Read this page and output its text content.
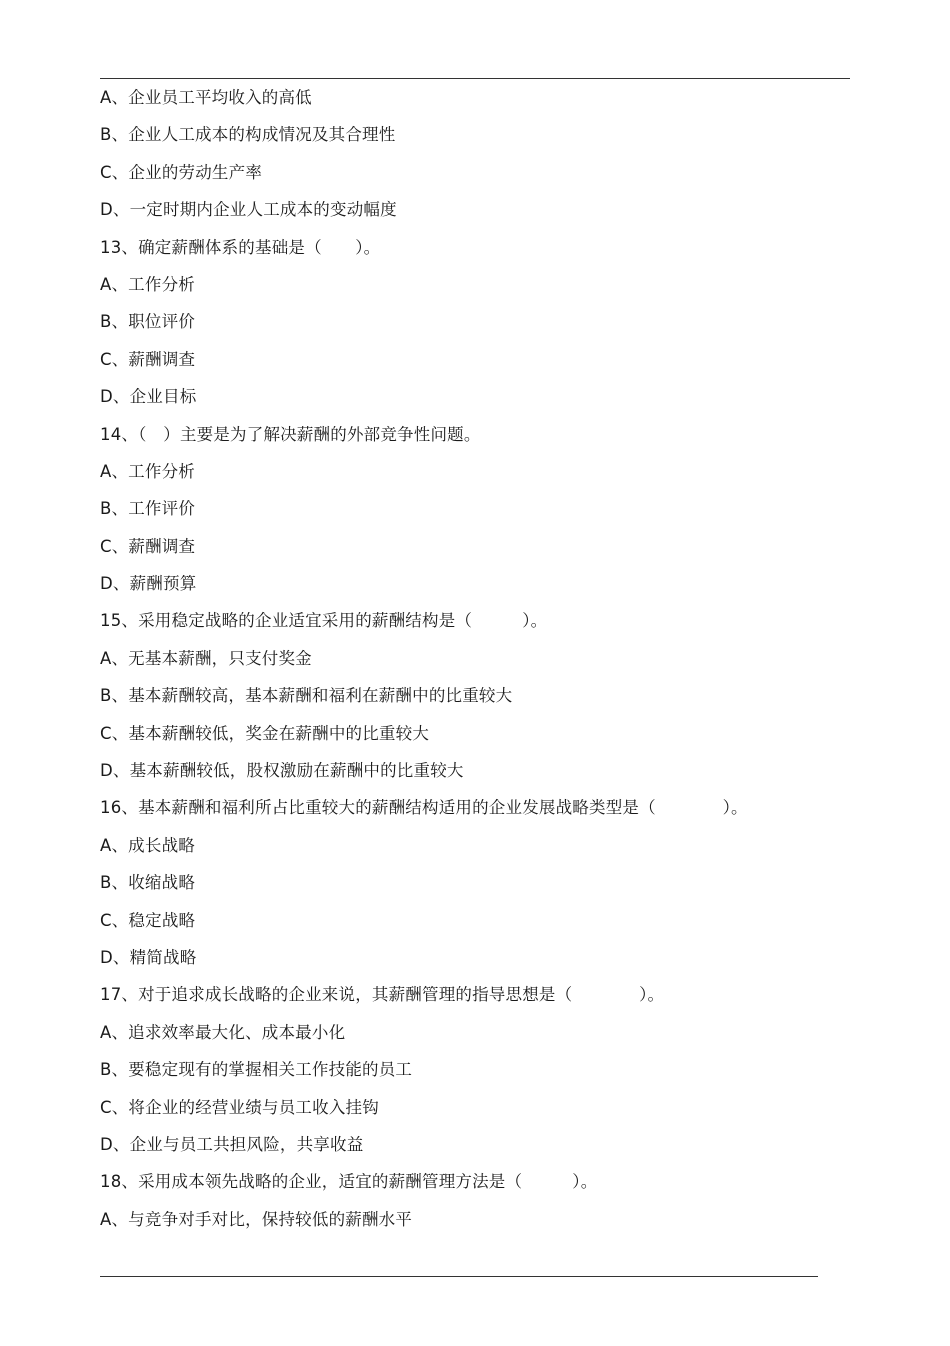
A、企业员工平均收入的高低
B、企业人工成本的构成情况及其合理性
C、企业的劳动生产率
D、一定时期内企业人工成本的变动幅度
13、确定薪酬体系的基础是（　　）。
A、工作分析
B、职位评价
C、薪酬调查
D、企业目标
14、（　）主要是为了解决薪酬的外部竞争性问题。
A、工作分析
B、工作评价
C、薪酬调查
D、薪酬预算
15、采用稳定战略的企业适宜采用的薪酬结构是（　　　）。
A、无基本薪酬，只支付奖金
B、基本薪酬较高，基本薪酬和福利在薪酬中的比重较大
C、基本薪酬较低，奖金在薪酬中的比重较大
D、基本薪酬较低，股权激励在薪酬中的比重较大
16、基本薪酬和福利所占比重较大的薪酬结构适用的企业发展战略类型是（　　　　）。
A、成长战略
B、收缩战略
C、稳定战略
D、精简战略
17、对于追求成长战略的企业来说，其薪酬管理的指导思想是（　　　　）。
A、追求效率最大化、成本最小化
B、要稳定现有的掌握相关工作技能的员工
C、将企业的经营业绩与员工收入挂钩
D、企业与员工共担风险，共享收益
18、采用成本领先战略的企业，适宜的薪酬管理方法是（　　　）。
A、与竞争对手对比，保持较低的薪酬水平
